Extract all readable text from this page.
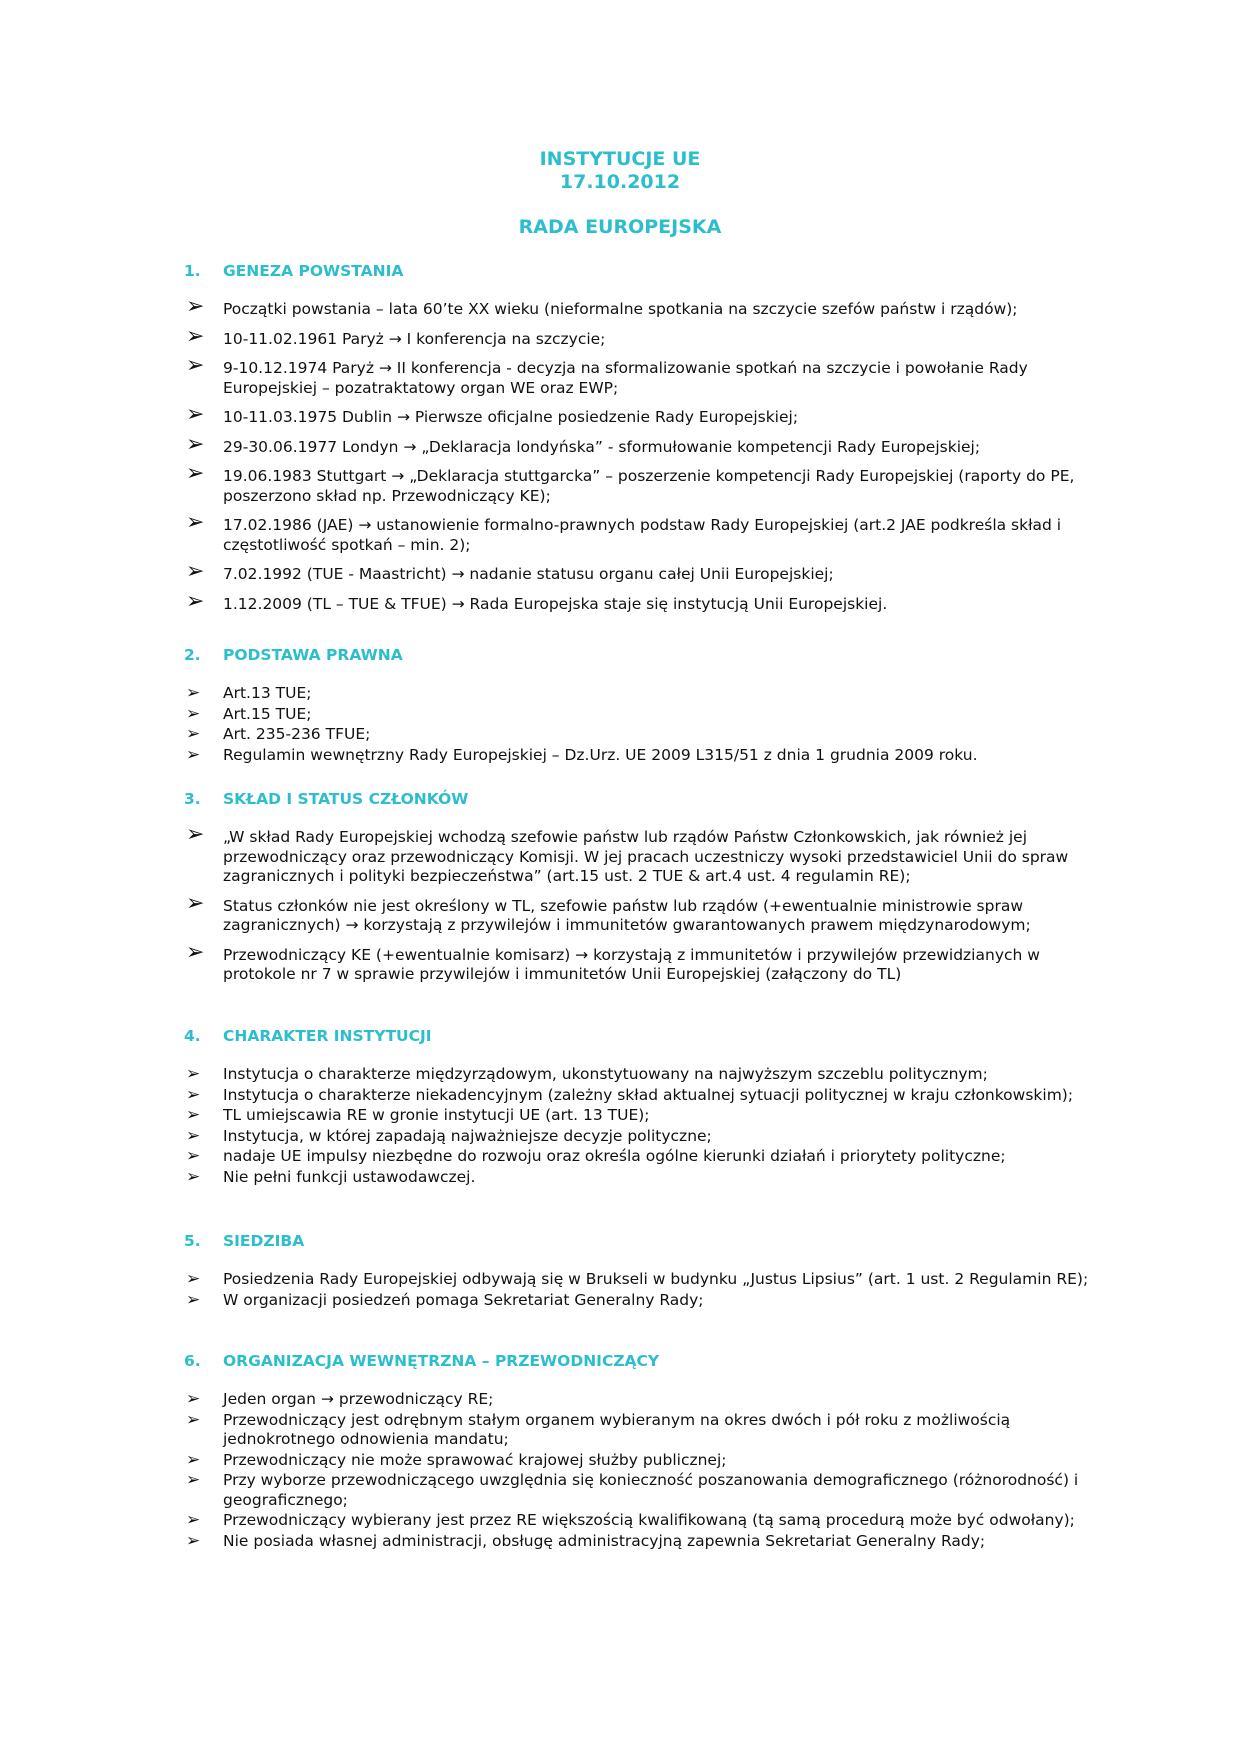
INSTYTUCJE UE
17.10.2012
RADA EUROPEJSKA
1. GENEZA POWSTANIA
➢ Początki powstania – lata 60’te XX wieku (nieformalne spotkania na szczycie szefów państw i rządów);
➢ 10-11.02.1961 Paryż → I konferencja na szczycie;
➢ 9-10.12.1974 Paryż → II konferencja - decyzja na sformalizowanie spotkań na szczycie i powołanie Rady Europejskiej – pozatraktatowy organ WE oraz EWP;
➢ 10-11.03.1975 Dublin → Pierwsze oficjalne posiedzenie Rady Europejskiej;
➢ 29-30.06.1977 Londyn → „Deklaracja londyńska” - sformułowanie kompetencji Rady Europejskiej;
➢ 19.06.1983 Stuttgart → „Deklaracja stuttgarcka” – poszerzenie kompetencji Rady Europejskiej (raporty do PE, poszerzono skład np. Przewodniczący KE);
➢ 17.02.1986 (JAE) → ustanowienie formalno-prawnych podstaw Rady Europejskiej (art.2 JAE podkreśla skład i częstotliwość spotkań – min. 2);
➢ 7.02.1992 (TUE - Maastricht) → nadanie statusu organu całej Unii Europejskiej;
➢ 1.12.2009 (TL – TUE & TFUE) → Rada Europejska staje się instytucją Unii Europejskiej.
2. PODSTAWA PRAWNA
➢ Art.13 TUE;
➢ Art.15 TUE;
➢ Art. 235-236 TFUE;
➢ Regulamin wewnętrzny Rady Europejskiej – Dz.Urz. UE 2009 L315/51 z dnia 1 grudnia 2009 roku.
3. SKŁAD I STATUS CZŁONKÓW
➢ „W skład Rady Europejskiej wchodzą szefowie państw lub rządów Państw Członkowskich, jak również jej przewodniczący oraz przewodniczący Komisji. W jej pracach uczestniczy wysoki przedstawiciel Unii do spraw zagranicznych i polityki bezpieczeństwa” (art.15 ust. 2 TUE & art.4 ust. 4 regulamin RE);
➢ Status członków nie jest określony w TL, szefowie państw lub rządów (+ewentualnie ministrowie spraw zagranicznych) → korzystają z przywilejów i immunitetów gwarantowanych prawem międzynarodowym;
➢ Przewodniczący KE (+ewentualnie komisarz) → korzystają z immunitetów i przywilejów przewidzianych w protokole nr 7 w sprawie przywilejów i immunitetów Unii Europejskiej (załączony do TL)
4. CHARAKTER INSTYTUCJI
➢ Instytucja o charakterze międzyrządowym, ukonstytuowany na najwyższym szczeblu politycznym;
➢ Instytucja o charakterze niekadencyjnym (zależny skład aktualnej sytuacji politycznej w kraju członkowskim);
➢ TL umiejscawia RE w gronie instytucji UE (art. 13 TUE);
➢ Instytucja, w której zapadają najważniejsze decyzje polityczne;
➢ nadaje UE impulsy niezbędne do rozwoju oraz określa ogólne kierunki działań i priorytety polityczne;
➢ Nie pełni funkcji ustawodawczej.
5. SIEDZIBA
➢ Posiedzenia Rady Europejskiej odbywają się w Brukseli w budynku „Justus Lipsius” (art. 1 ust. 2 Regulamin RE);
➢ W organizacji posiedzeń pomaga Sekretariat Generalny Rady;
6. ORGANIZACJA WEWNĘTRZNA – PRZEWODNICZĄCY
➢ Jeden organ → przewodniczący RE;
➢ Przewodniczący jest odrębnym stałym organem wybieranym na okres dwóch i pół roku z możliwością jednokrotnego odnowienia mandatu;
➢ Przewodniczący nie może sprawować krajowej służby publicznej;
➢ Przy wyborze przewodniczącego uwzględnia się konieczność poszanowania demograficznego (różnorodność) i geograficznego;
➢ Przewodniczący wybierany jest przez RE większością kwalifikowaną (tą samą procedurą może być odwołany);
➢ Nie posiada własnej administracji, obsługę administracyjną zapewnia Sekretariat Generalny Rady;
